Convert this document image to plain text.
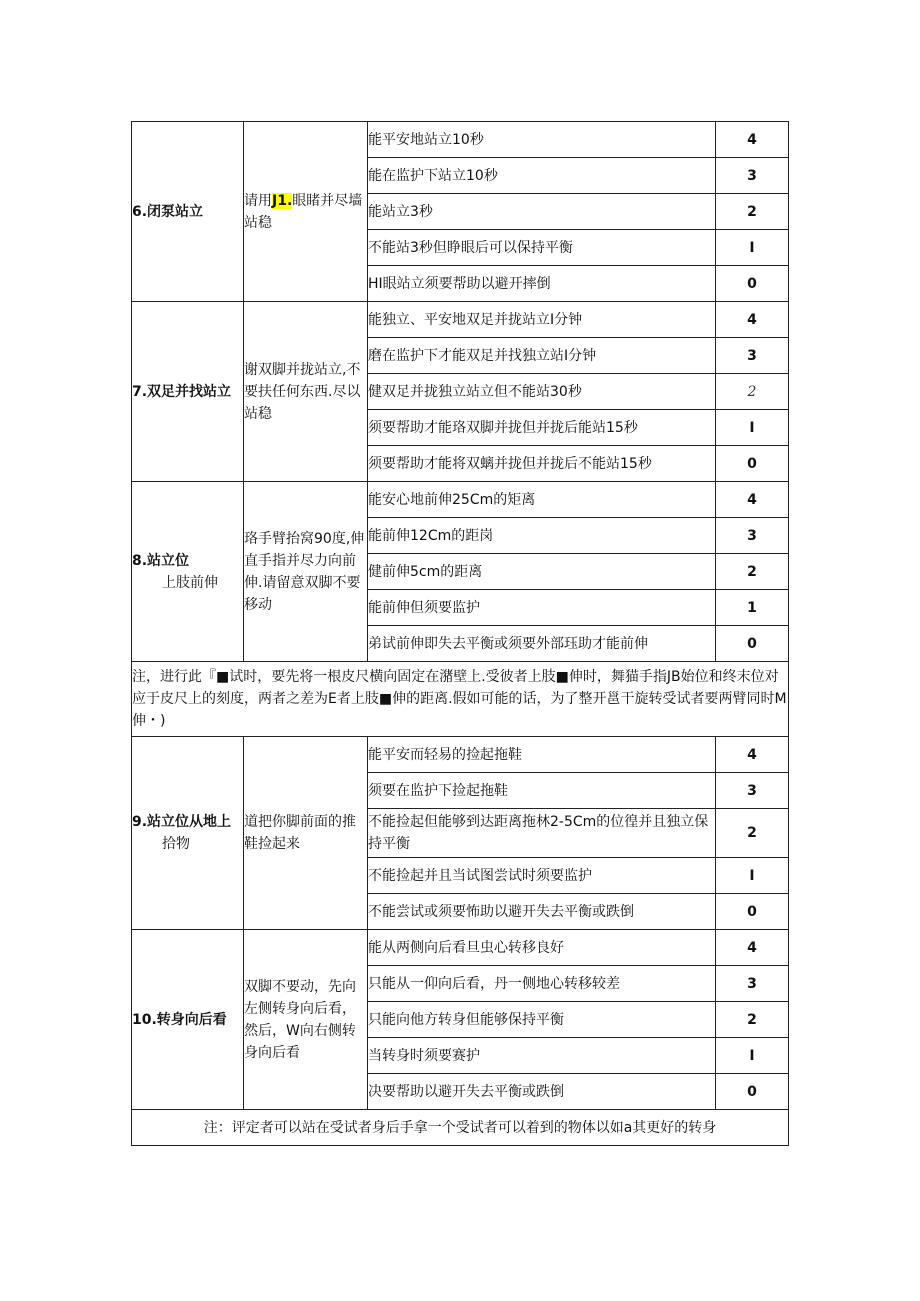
6.闭泵站立	请用J1.眼睹并尽墙站稳	能平安地站立10秒	4
		能在监护下站立10秒	3
		能站立3秒	2
		不能站3秒但睁眼后可以保持平衡	I
		HI眼站立须要帮助以避开摔倒	0
7.双足并找站立	谢双脚并拢站立,不要扶任何东西.尽以站稳	能独立、平安地双足并拢站立I分钟	4
		磨在监护下才能双足并找独立站I分钟	3
		健双足并拢独立站立但不能站30秒	2
		须要帮助才能珞双脚并拢但并拢后能站15秒	I
		须要帮助才能将双螭并拢但并拢后不能站15秒	0

8.站立位
上肢前伸	珞手臂抬窝90度,伸直手指并尽力向前伸.请留意双脚不要移动	能安心地前伸25Cm的矩离	4
		能前伸12Cm的距岗	3
		健前伸5cm的距离	2
		能前伸但须要监护	1
		弟试前伸即失去平衡或须要外部珏助才能前伸	0
注，进行此『■试时，要先将一根皮尺横向固定在潴壁上.受彼者上肢■伸时，舞猫手指JB始位和终末位对应于皮尺上的刻度，两者之差为E者上肢■伸的距离.假如可能的话，为了整开邕干旋转受试者要两臂同时M伸・)			

9.站立位从地上
拾物	道把你脚前面的推鞋捡起来	能平安而轻易的捡起拖鞋	4
		须要在监护下捡起拖鞋	3
		不能捡起但能够到达距离拖林2-5Cm的位徨并且独立保持平衡	2
		不能捡起并且当试图尝试时须要监护	I
		不能尝试或须要怖助以避开失去平衡或跌倒	0
10.转身向后看	双脚不要动，先向左侧转身向后看，然后，W向右侧转身向后看	能从两侧向后看旦虫心转移良好	4
		只能从一仰向后看，丹一侧地心转移较差	3
		只能向他方转身但能够保持平衡	2
		当转身时须要赛护	I
		决要帮助以避开失去平衡或跌倒	0
注：评定者可以站在受试者身后手拿一个受试者可以着到的物体以如a其更好的转身			
